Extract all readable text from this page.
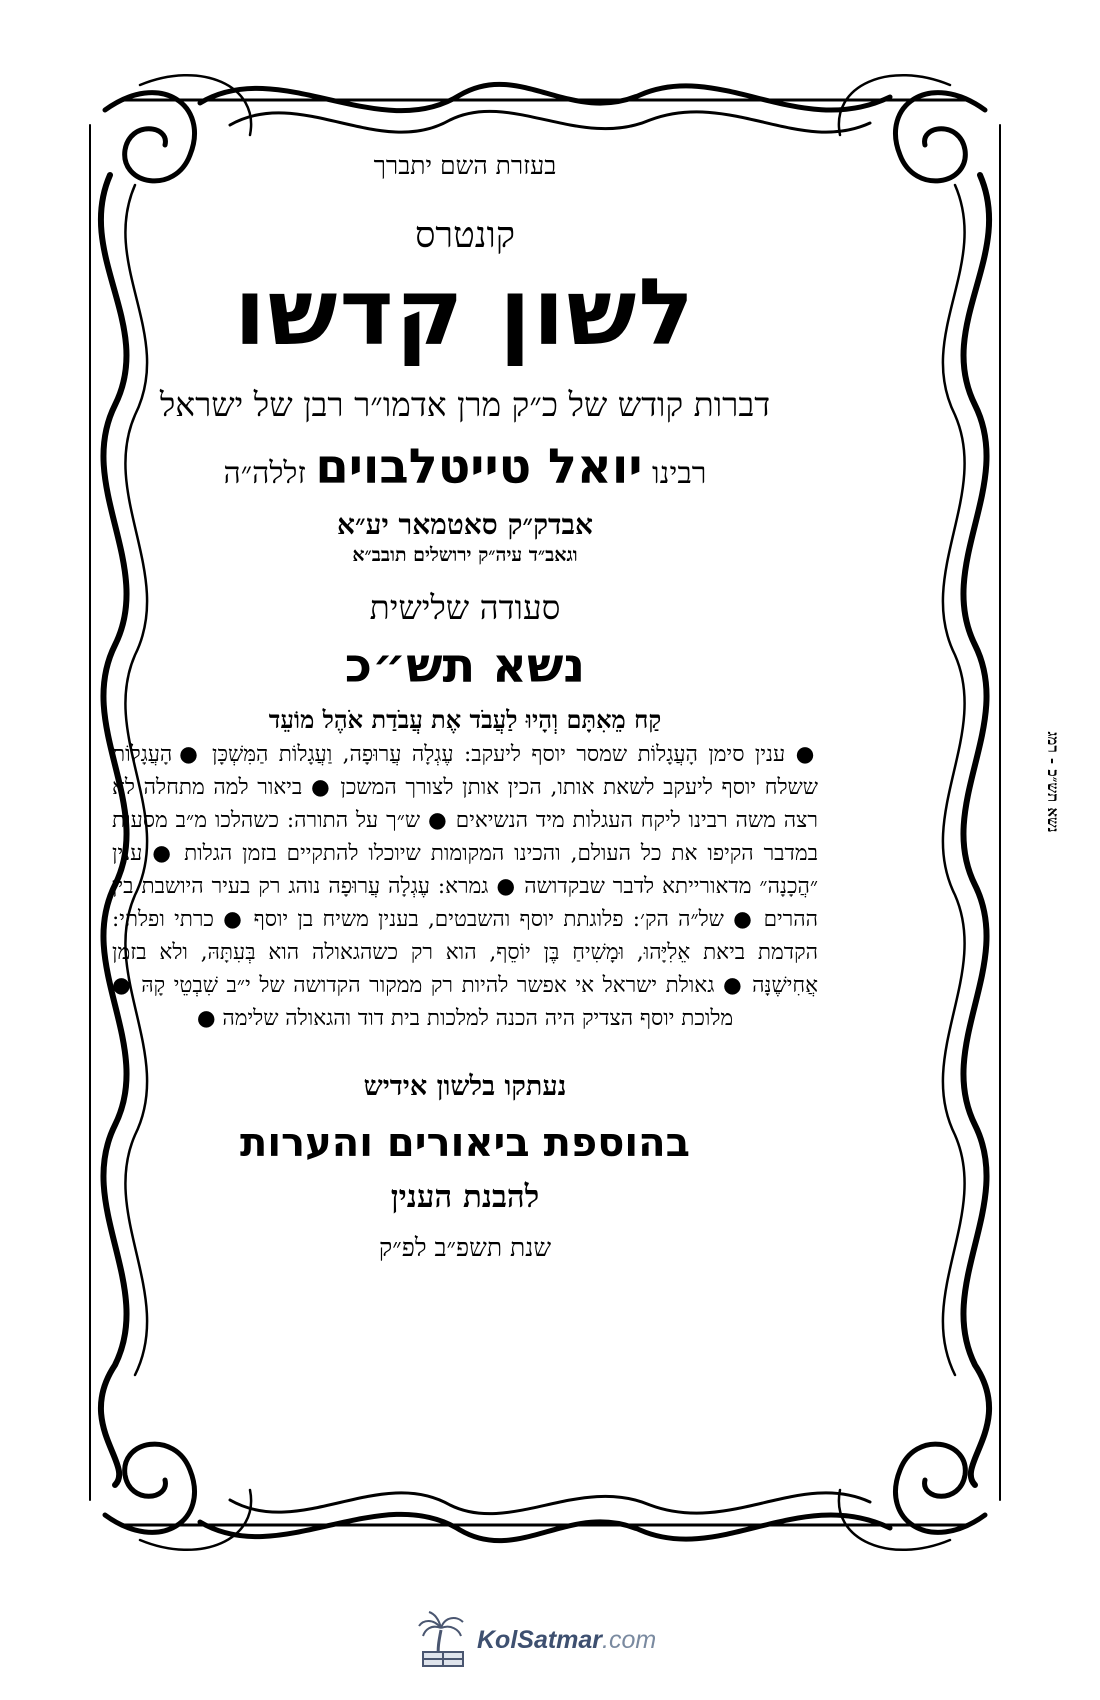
בעזרת השם יתברך

קונטרס

לשון קדשו

דברות קודש של כ״ק מרן אדמו״ר רבן של ישראל

רבינו יואל טייטלבוים זללה״ה

אבדק״ק סאטמאר יע״א

וגאב״ד עיה״ק ירושלים תובב״א

סעודה שלישית

נשא תש״כ

קַח מֵאִתָּם וְהָיוּ לַעֲבֹד אֶת עֲבֹדַת אֹהֶל מוֹעֵד

● ענין סימן הָעֲגָלוֹת שמסר יוסף ליעקב: עֶגְלָה עֲרוּפָה, וַעֲגָלוֹת הַמִּשְׁכָּן ● הָעֲגָלוֹת ששלח יוסף ליעקב לשאת אותו, הכין אותן לצורך המשכן ● ביאור למה מתחלה לא רצה משה רבינו ליקח העגלות מיד הנשיאים ● ש״ך על התורה: כשהלכו מ״ב מסעות במדבר הקיפו את כל העולם, והכינו המקומות שיוכלו להתקיים בזמן הגלות ● ענין ״הֲכָנָה״ מדאורייתא לדבר שבקדושה ● גמרא: עֶגְלָה עֲרוּפָה נוהג רק בעיר היושבת בין ההרים ● של״ה הק׳: פלוגתת יוסף והשבטים, בענין משיח בן יוסף ● כרתי ופלתי: הקדמת ביאת אֵלִיָּהוּ, וּמָשִׁיחַ בֶּן יוֹסֵף, הוא רק כשהגאולה הוא בְּעִתָּהּ, ולא בזמן אֲחִישֶׁנָּה ● גאולת ישראל אי אפשר להיות רק ממקור הקדושה של י״ב שִׁבְטֵי קָהּ ● מלוכת יוסף הצדיק היה הכנה למלכות בית דוד והגאולה שלימה ●

נעתקו בלשון אידיש

בהוספת ביאורים והערות

להבנת הענין

שנת תשפ״ב לפ״ק

נשא תש״כ - רמג
KolSatmar.com
